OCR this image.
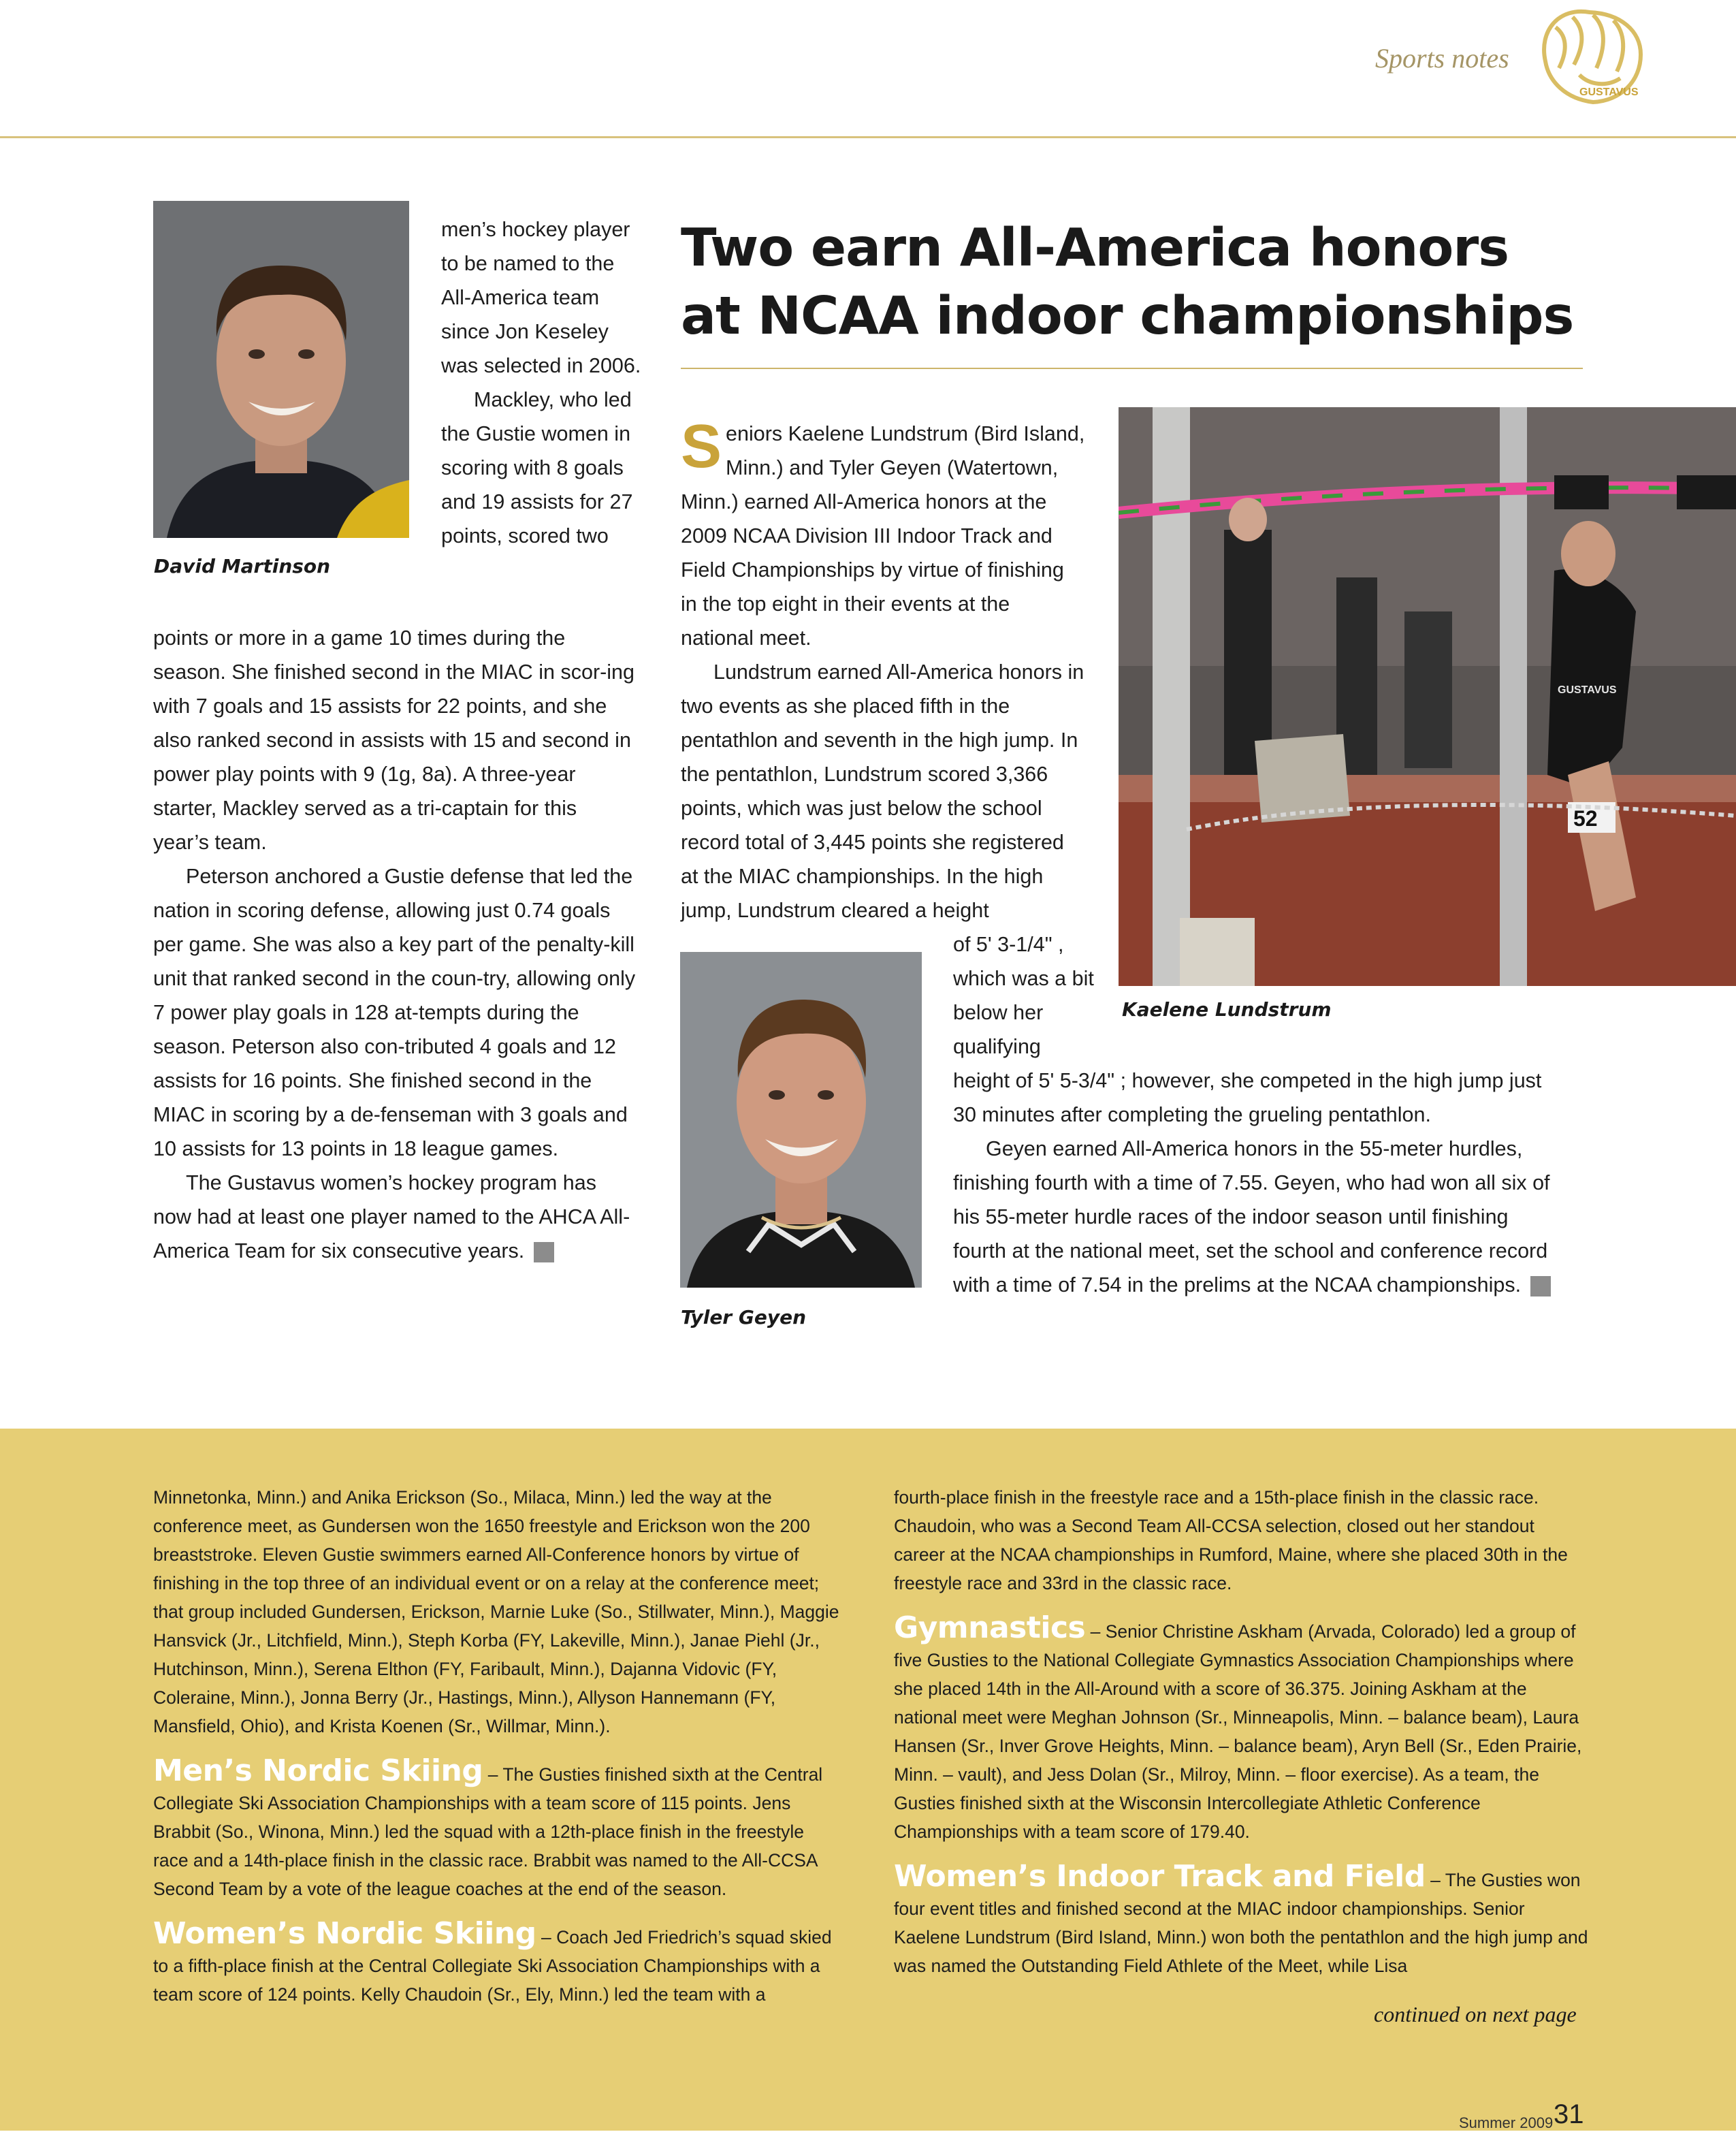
Sports notes
GUSTAVUS
David Martinson

men’s hockey player to be named to the All-America team since Jon Keseley was selected in 2006.

Mackley, who led the Gustie women in scoring with 8 goals and 19 assists for 27 points, scored two

points or more in a game 10 times during the season. She finished second in the MIAC in scor-ing with 7 goals and 15 assists for 22 points, and she also ranked second in assists with 15 and second in power play points with 9 (1g, 8a). A three-year starter, Mackley served as a tri-captain for this year’s team.

Peterson anchored a Gustie defense that led the nation in scoring defense, allowing just 0.74 goals per game. She was also a key part of the penalty-kill unit that ranked second in the coun-try, allowing only 7 power play goals in 128 at-tempts during the season. Peterson also con-tributed 4 goals and 12 assists for 16 points. She finished second in the MIAC in scoring by a de-fenseman with 3 goals and 10 assists for 13 points in 18 league games.

The Gustavus women’s hockey program has now had at least one player named to the AHCA All-America Team for six consecutive years.	G

Two earn All-America honors at NCAA indoor championships

Seniors Kaelene Lundstrum (Bird Island, Minn.) and Tyler Geyen (Watertown, Minn.) earned All-America honors at the 2009 NCAA Division III Indoor Track and Field Championships by virtue of finishing in the top eight in their events at the national meet.

Lundstrum earned All-America honors in two events as she placed fifth in the pentathlon and seventh in the high jump. In the pentathlon, Lundstrum scored 3,366 points, which was just below the school record total of 3,445 points she registered at the MIAC championships. In the high jump, Lundstrum cleared a height

52
GUSTAVUS
Kaelene Lundstrum
Tyler Geyen

of 5' 3-1/4" , which was a bit below her qualifying

height of 5' 5-3/4" ; however, she competed in the high jump just 30 minutes after completing the grueling pentathlon.

Geyen earned All-America honors in the 55-meter hurdles, finishing fourth with a time of 7.55. Geyen, who had won all six of his 55-meter hurdle races of the indoor season until finishing fourth at the national meet, set the school and conference record with a time of 7.54 in the prelims at the NCAA championships.	G

Minnetonka, Minn.) and Anika Erickson (So., Milaca, Minn.) led the way at the conference meet, as Gundersen won the 1650 freestyle and Erickson won the 200 breaststroke. Eleven Gustie swimmers earned All-Conference honors by virtue of finishing in the top three of an individual event or on a relay at the conference meet; that group included Gundersen, Erickson, Marnie Luke (So., Stillwater, Minn.), Maggie Hansvick (Jr., Litchfield, Minn.), Steph Korba (FY, Lakeville, Minn.), Janae Piehl (Jr., Hutchinson, Minn.), Serena Elthon (FY, Faribault, Minn.), Dajanna Vidovic (FY, Coleraine, Minn.), Jonna Berry (Jr., Hastings, Minn.), Allyson Hannemann (FY, Mansfield, Ohio), and Krista Koenen (Sr., Willmar, Minn.).

Men’s Nordic Skiing – The Gusties finished sixth at the Central Collegiate Ski Association Championships with a team score of 115 points. Jens Brabbit (So., Winona, Minn.) led the squad with a 12th-place finish in the freestyle race and a 14th-place finish in the classic race. Brabbit was named to the All-CCSA Second Team by a vote of the league coaches at the end of the season.

Women’s Nordic Skiing – Coach Jed Friedrich’s squad skied to a fifth-place finish at the Central Collegiate Ski Association Championships with a team score of 124 points. Kelly Chaudoin (Sr., Ely, Minn.) led the team with a

fourth-place finish in the freestyle race and a 15th-place finish in the classic race. Chaudoin, who was a Second Team All-CCSA selection, closed out her standout career at the NCAA championships in Rumford, Maine, where she placed 30th in the freestyle race and 33rd in the classic race.

Gymnastics – Senior Christine Askham (Arvada, Colorado) led a group of five Gusties to the National Collegiate Gymnastics Association Championships where she placed 14th in the All-Around with a score of 36.375. Joining Askham at the national meet were Meghan Johnson (Sr., Minneapolis, Minn. – balance beam), Laura Hansen (Sr., Inver Grove Heights, Minn. – balance beam), Aryn Bell (Sr., Eden Prairie, Minn. – vault), and Jess Dolan (Sr., Milroy, Minn. – floor exercise). As a team, the Gusties finished sixth at the Wisconsin Intercollegiate Athletic Conference Championships with a team score of 179.40.

Women’s Indoor Track and Field – The Gusties won four event titles and finished second at the MIAC indoor championships. Senior Kaelene Lundstrum (Bird Island, Minn.) won both the pentathlon and the high jump and was named the Outstanding Field Athlete of the Meet, while Lisa

continued on next page
Summer 2009 31
